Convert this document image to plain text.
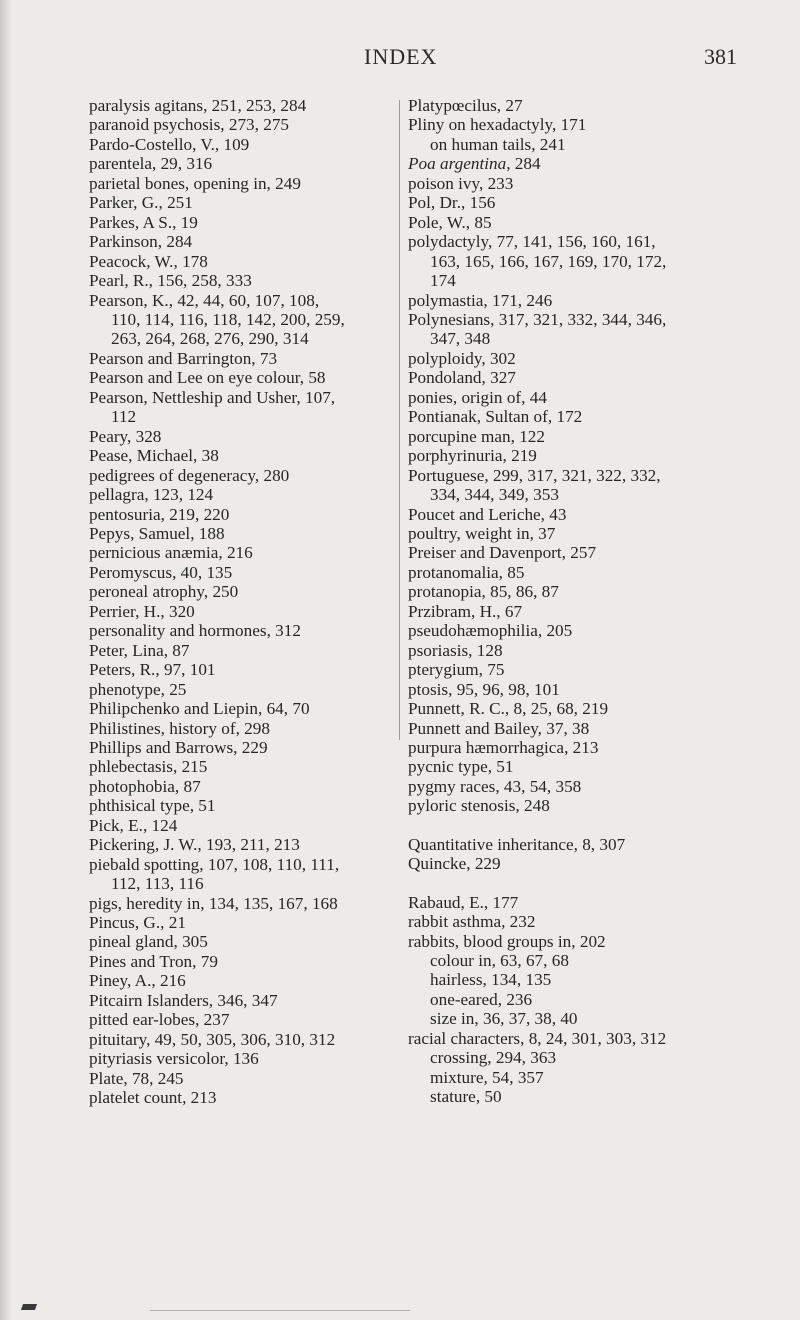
INDEX	381
paralysis agitans, 251, 253, 284
paranoid psychosis, 273, 275
Pardo-Costello, V., 109
parentela, 29, 316
parietal bones, opening in, 249
Parker, G., 251
Parkes, A S., 19
Parkinson, 284
Peacock, W., 178
Pearl, R., 156, 258, 333
Pearson, K., 42, 44, 60, 107, 108,
110, 114, 116, 118, 142, 200, 259,
263, 264, 268, 276, 290, 314
Pearson and Barrington, 73
Pearson and Lee on eye colour, 58
Pearson, Nettleship and Usher, 107,
112
Peary, 328
Pease, Michael, 38
pedigrees of degeneracy, 280
pellagra, 123, 124
pentosuria, 219, 220
Pepys, Samuel, 188
pernicious anæmia, 216
Peromyscus, 40, 135
peroneal atrophy, 250
Perrier, H., 320
personality and hormones, 312
Peter, Lina, 87
Peters, R., 97, 101
phenotype, 25
Philipchenko and Liepin, 64, 70
Philistines, history of, 298
Phillips and Barrows, 229
phlebectasis, 215
photophobia, 87
phthisical type, 51
Pick, E., 124
Pickering, J. W., 193, 211, 213
piebald spotting, 107, 108, 110, 111,
112, 113, 116
pigs, heredity in, 134, 135, 167, 168
Pincus, G., 21
pineal gland, 305
Pines and Tron, 79
Piney, A., 216
Pitcairn Islanders, 346, 347
pitted ear-lobes, 237
pituitary, 49, 50, 305, 306, 310, 312
pityriasis versicolor, 136
Plate, 78, 245
platelet count, 213
Platypœcilus, 27
Pliny on hexadactyly, 171
on human tails, 241
Poa argentina, 284
poison ivy, 233
Pol, Dr., 156
Pole, W., 85
polydactyly, 77, 141, 156, 160, 161,
163, 165, 166, 167, 169, 170, 172,
174
polymastia, 171, 246
Polynesians, 317, 321, 332, 344, 346,
347, 348
polyploidy, 302
Pondoland, 327
ponies, origin of, 44
Pontianak, Sultan of, 172
porcupine man, 122
porphyrinuria, 219
Portuguese, 299, 317, 321, 322, 332,
334, 344, 349, 353
Poucet and Leriche, 43
poultry, weight in, 37
Preiser and Davenport, 257
protanomalia, 85
protanopia, 85, 86, 87
Przibram, H., 67
pseudohæmophilia, 205
psoriasis, 128
pterygium, 75
ptosis, 95, 96, 98, 101
Punnett, R. C., 8, 25, 68, 219
Punnett and Bailey, 37, 38
purpura hæmorrhagica, 213
pycnic type, 51
pygmy races, 43, 54, 358
pyloric stenosis, 248
Quantitative inheritance, 8, 307
Quincke, 229
Rabaud, E., 177
rabbit asthma, 232
rabbits, blood groups in, 202
colour in, 63, 67, 68
hairless, 134, 135
one-eared, 236
size in, 36, 37, 38, 40
racial characters, 8, 24, 301, 303, 312
crossing, 294, 363
mixture, 54, 357
stature, 50
